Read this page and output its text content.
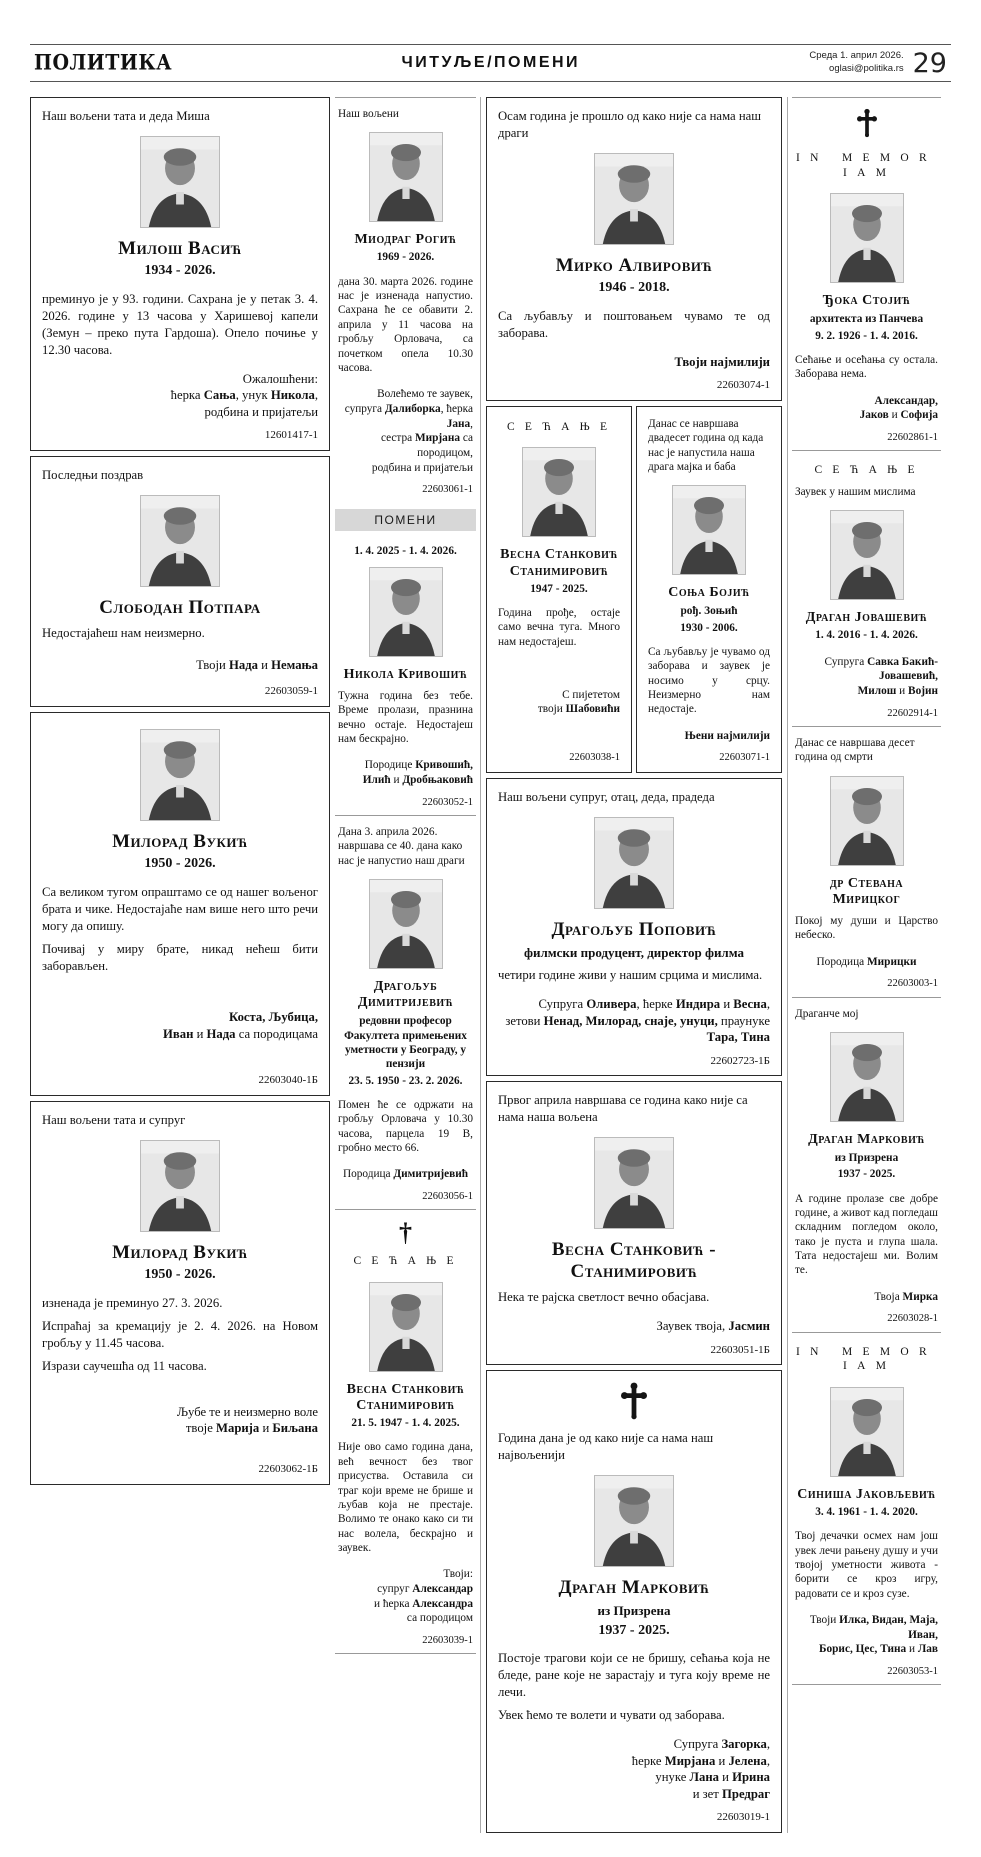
ПОЛИТИКА	ЧИТУЉЕ/ПОМЕНИ	Среда 1. април 2026.
oglasi@politika.rs 29
Наш вољени тата и деда Миша
Милош Васић
1934 - 2026.

преминуо је у 93. години. Сахрана је у петак 3. 4. 2026. године у 13 часова у Харишевој капели (Земун – преко пута Гардоша). Опело почиње у 12.30 часова.

Ожалошћени:
ћерка Сања, унук Никола,
родбина и пријатељи
12601417-1
Последњи поздрав
Слободан Потпара

Недостајаћеш нам неизмерно.

Твоји Нада и Немања
22603059-1
Милорад Вукић
1950 - 2026.

Са великом тугом опраштамо се од нашег вољеног брата и чике. Недостајаће нам више него што речи могу да опишу.

Почивај у миру брате, никад нећеш бити заборављен.

Коста, Љубица,
Иван и Нада са породицама
22603040-1Б
Наш вољени тата и супруг
Милорад Вукић
1950 - 2026.

изненада је преминуо 27. 3. 2026.

Испраћај за кремацију је 2. 4. 2026. на Новом гробљу у 11.45 часова.

Изрази саучешћа од 11 часова.

Љубе те и неизмерно воле
твоје Марија и Биљана
22603062-1Б
Наш вољени
Миодраг Рогић
1969 - 2026.

дана 30. марта 2026. године нас је изненада напустио. Сахрана ће се обавити 2. априла у 11 часова на гробљу Орловача, са почетком опела 10.30 часова.

Волећемо те заувек,
супруга Далиборка, ћерка Јана,
сестра Мирјана са породицом,
родбина и пријатељи
22603061-1
ПОМЕНИ
1. 4. 2025 - 1. 4. 2026.
Никола Кривошић

Тужна година без тебе. Време пролази, празнина вечно остаје. Недостајеш нам бескрајно.

Породице Кривошић,
Илић и Дробњаковић
22603052-1
Дана 3. априла 2026. навршава се 40. дана како нас је напустио наш драги
Драгољуб Димитријевић
редовни професор Факултета примењених уметности у Београду, у пензији
23. 5. 1950 - 23. 2. 2026.

Помен ће се одржати на гробљу Орловача у 10.30 часова, парцела 19 В, гробно место 66.

Породица Димитријевић
22603056-1
†
С Е Ћ А Њ Е
Весна Станковић Станимировић
21. 5. 1947 - 1. 4. 2025.

Није ово само година дана, већ вечност без твог присуства. Оставила си траг који време не брише и љубав која не престаје. Волимо те онако како си ти нас волела, бескрајно и заувек.

Твоји:
супруг Александар
и ћерка Александра
са породицом
22603039-1
Осам година је прошло од како није са нама наш драги
Мирко Алвировић
1946 - 2018.

Са љубављу и поштовањем чувамо те од заборава.

Твоји најмилији
22603074-1
С Е Ћ А Њ Е
Весна Станковић Станимировић
1947 - 2025.

Година прође, остаје само вечна туга. Много нам недостајеш.

С пијететом
твоји Шабовићи
22603038-1
Данас се навршава двадесет година од када нас је напустила наша драга мајка и баба
Соња Бојић
рођ. Зоњић
1930 - 2006.

Са љубављу је чувамо од заборава и заувек је носимо у срцу. Неизмерно нам недостаје.

Њени најмилији
22603071-1
Наш вољени супруг, отац, деда, прадеда
Драгољуб Поповић
филмски продуцент, директор филма

четири године живи у нашим срцима и мислима.

Супруга Оливера, ћерке Индира и Весна,
зетови Ненад, Милорад, снаје, унуци, праунуке Тара, Тина
22602723-1Б
Првог априла навршава се година како није са нама наша вољена
Весна Станковић - Станимировић

Нека те рајска светлост вечно обасјава.

Заувек твоја, Јасмин
22603051-1Б
Година дана је од како није са нама наш највољенији
Драган Марковић
из Призрена
1937 - 2025.

Постоје трагови који се не бришу, сећања која не бледе, ране које не зарастају и туга коју време не лечи.

Увек ћемо те волети и чувати од заборава.

Супруга Загорка,
ћерке Мирјана и Јелена,
унуке Лана и Ирина
и зет Предраг
22603019-1
I N   M E M O R I A M
Ђока Стојић
архитекта из Панчева
9. 2. 1926 - 1. 4. 2016.

Сећање и осећања су остала. Заборава нема.

Александар,
Јаков и Софија
22602861-1
С Е Ћ А Њ Е
Заувек у нашим мислима
Драган Јовашевић
1. 4. 2016 - 1. 4. 2026.
Супруга Савка Бакић-Јовашевић,
Милош и Војин
22602914-1
Данас се навршава десет година од смрти
др Стевана Мирицког

Покој му души и Царство небеско.

Породица Мирицки
22603003-1
Драганче мој
Драган Марковић
из Призрена
1937 - 2025.

А године пролазе све добре године, а живот кад погледаш складним погледом около, тако је пуста и глупа шала. Тата недостајеш ми. Волим те.

Твоја Мирка
22603028-1
I N   M E M O R I A M
Синиша Јаковљевић
3. 4. 1961 - 1. 4. 2020.

Твој дечачки осмех нам још увек лечи рањену душу и учи твојој уметности живота - борити се кроз игру, радовати се и кроз сузе.

Твоји Илка, Видан, Маја, Иван,
Борис, Цес, Тина и Лав
22603053-1
